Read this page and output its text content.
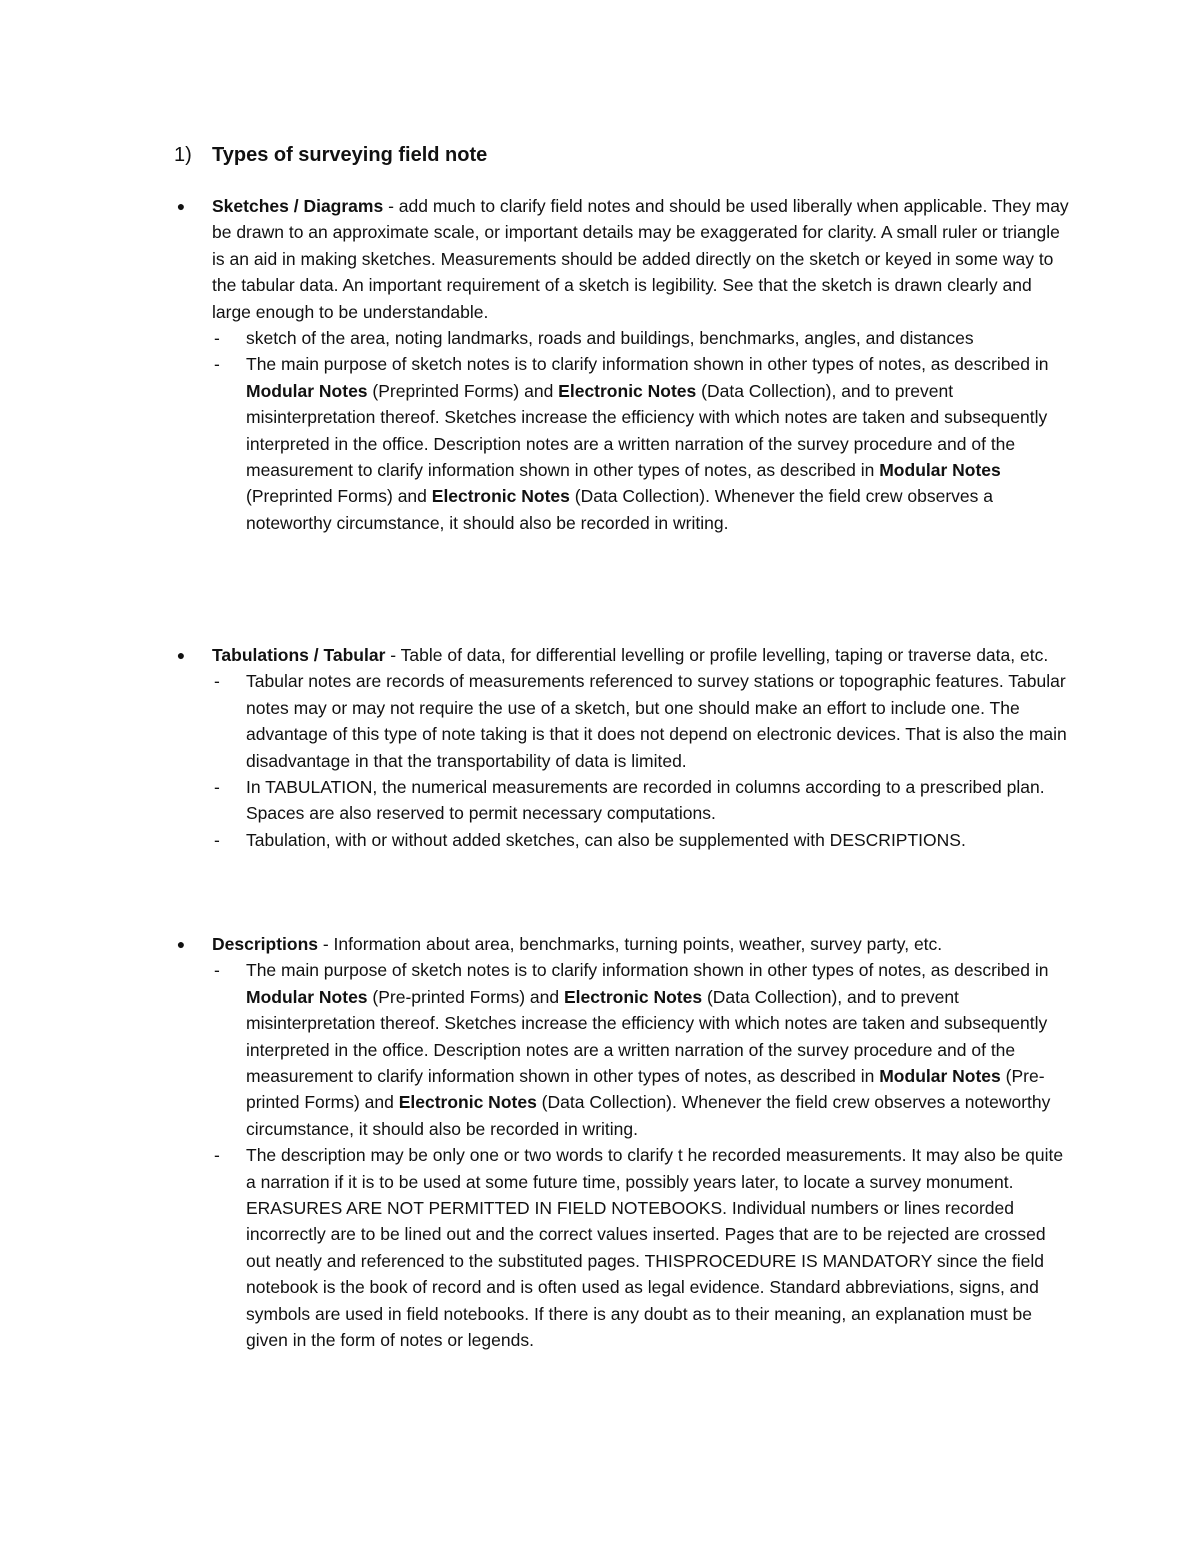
1) Types of surveying field note
● Sketches / Diagrams - add much to clarify field notes and should be used liberally when applicable. They may be drawn to an approximate scale, or important details may be exaggerated for clarity. A small ruler or triangle is an aid in making sketches. Measurements should be added directly on the sketch or keyed in some way to the tabular data. An important requirement of a sketch is legibility. See that the sketch is drawn clearly and large enough to be understandable.
- sketch of the area, noting landmarks, roads and buildings, benchmarks, angles, and distances
- The main purpose of sketch notes is to clarify information shown in other types of notes, as described in Modular Notes (Preprinted Forms) and Electronic Notes (Data Collection), and to prevent misinterpretation thereof. Sketches increase the efficiency with which notes are taken and subsequently interpreted in the office. Description notes are a written narration of the survey procedure and of the measurement to clarify information shown in other types of notes, as described in Modular Notes (Preprinted Forms) and Electronic Notes (Data Collection). Whenever the field crew observes a noteworthy circumstance, it should also be recorded in writing.
● Tabulations / Tabular - Table of data, for differential levelling or profile levelling, taping or traverse data, etc.
- Tabular notes are records of measurements referenced to survey stations or topographic features. Tabular notes may or may not require the use of a sketch, but one should make an effort to include one. The advantage of this type of note taking is that it does not depend on electronic devices. That is also the main disadvantage in that the transportability of data is limited.
- In TABULATION, the numerical measurements are recorded in columns according to a prescribed plan. Spaces are also reserved to permit necessary computations.
- Tabulation, with or without added sketches, can also be supplemented with DESCRIPTIONS.
● Descriptions - Information about area, benchmarks, turning points, weather, survey party, etc.
- The main purpose of sketch notes is to clarify information shown in other types of notes, as described in Modular Notes (Pre-printed Forms) and Electronic Notes (Data Collection), and to prevent misinterpretation thereof. Sketches increase the efficiency with which notes are taken and subsequently interpreted in the office. Description notes are a written narration of the survey procedure and of the measurement to clarify information shown in other types of notes, as described in Modular Notes (Pre-printed Forms) and Electronic Notes (Data Collection). Whenever the field crew observes a noteworthy circumstance, it should also be recorded in writing.
- The description may be only one or two words to clarify t he recorded measurements. It may also be quite a narration if it is to be used at some future time, possibly years later, to locate a survey monument. ERASURES ARE NOT PERMITTED IN FIELD NOTEBOOKS. Individual numbers or lines recorded incorrectly are to be lined out and the correct values inserted. Pages that are to be rejected are crossed out neatly and referenced to the substituted pages. THISPROCEDURE IS MANDATORY since the field notebook is the book of record and is often used as legal evidence. Standard abbreviations, signs, and symbols are used in field notebooks. If there is any doubt as to their meaning, an explanation must be given in the form of notes or legends.
